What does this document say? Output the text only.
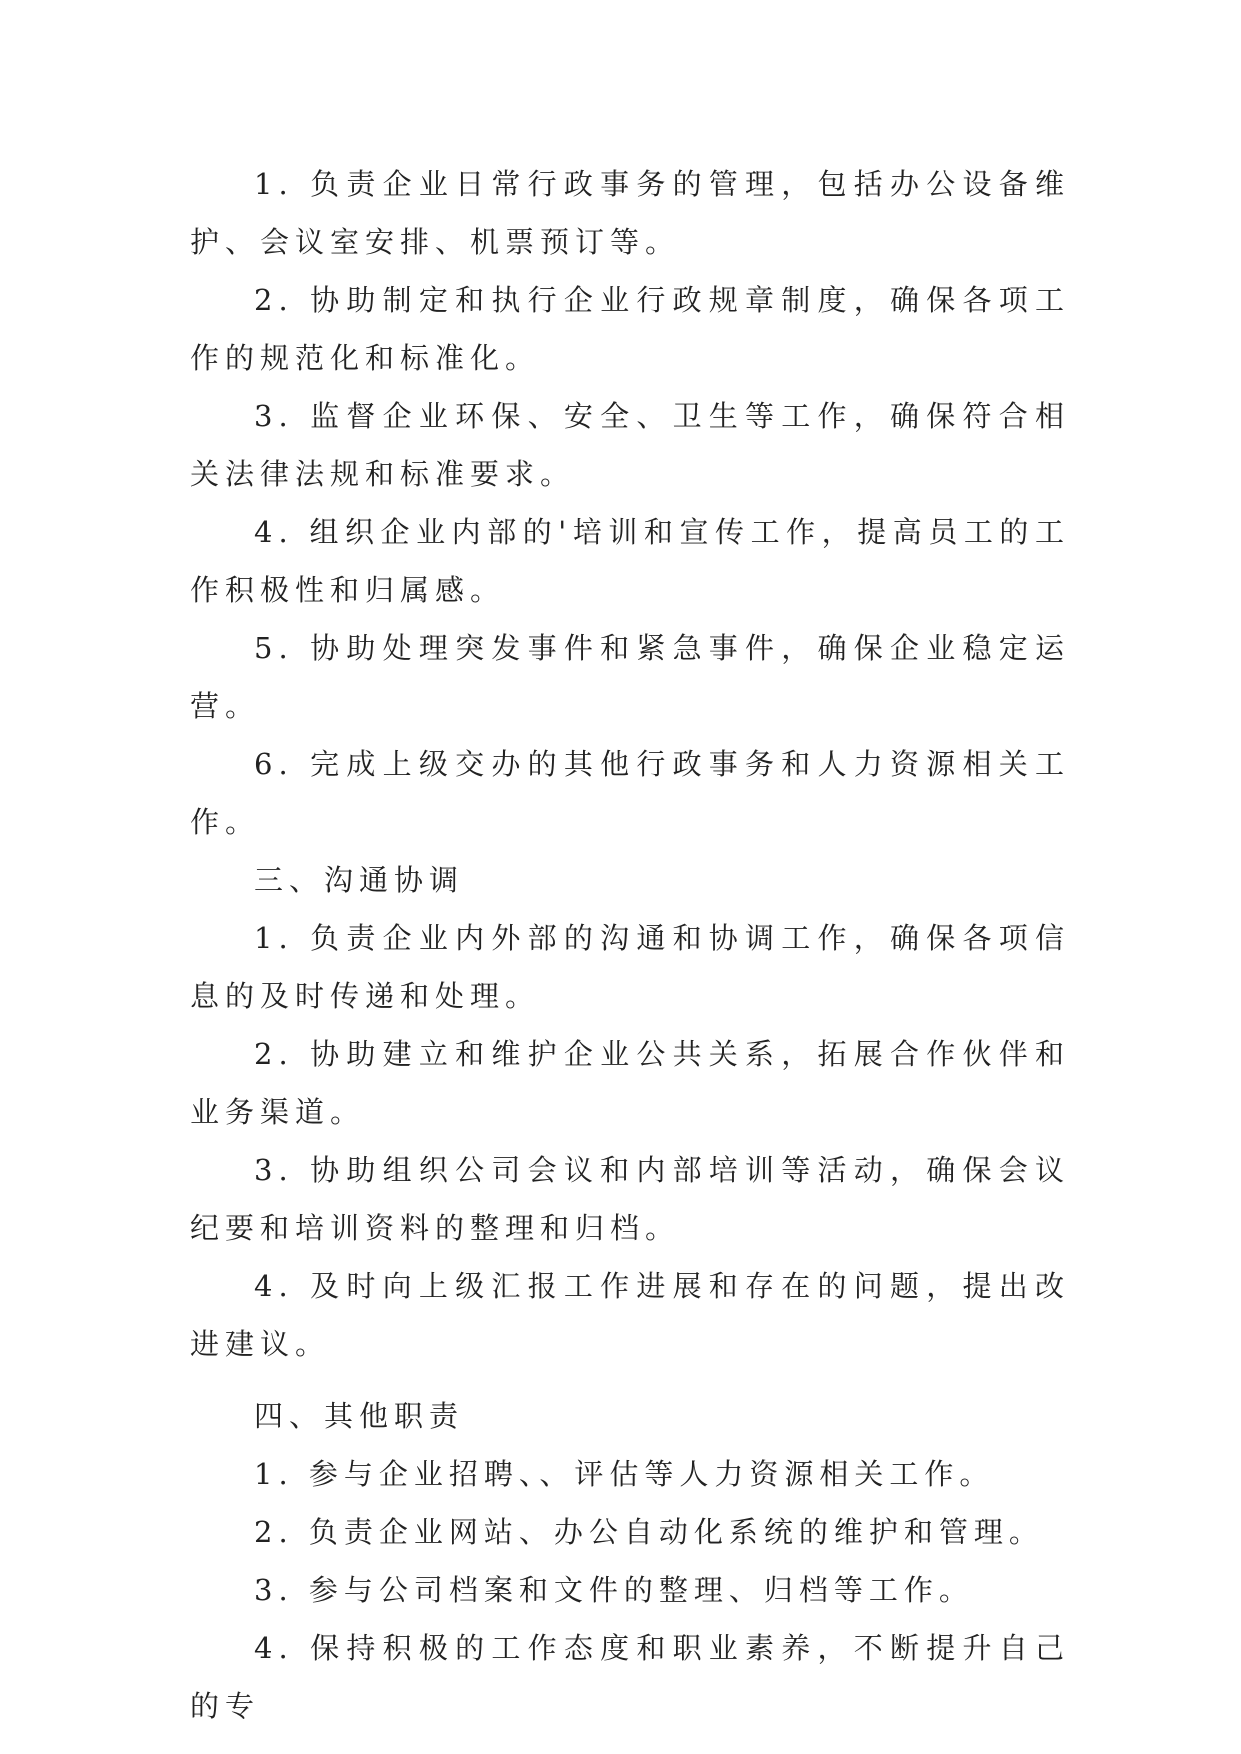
1. 负责企业日常行政事务的管理，包括办公设备维护、会议室安排、机票预订等。

2. 协助制定和执行企业行政规章制度，确保各项工作的规范化和标准化。

3. 监督企业环保、安全、卫生等工作，确保符合相关法律法规和标准要求。

4. 组织企业内部的'培训和宣传工作，提高员工的工作积极性和归属感。

5. 协助处理突发事件和紧急事件，确保企业稳定运营。

6. 完成上级交办的其他行政事务和人力资源相关工作。

三、沟通协调

1. 负责企业内外部的沟通和协调工作，确保各项信息的及时传递和处理。

2. 协助建立和维护企业公共关系，拓展合作伙伴和业务渠道。

3. 协助组织公司会议和内部培训等活动，确保会议纪要和培训资料的整理和归档。

4. 及时向上级汇报工作进展和存在的问题，提出改进建议。

四、其他职责

1. 参与企业招聘、、评估等人力资源相关工作。

2. 负责企业网站、办公自动化系统的维护和管理。

3. 参与公司档案和文件的整理、归档等工作。

4. 保持积极的工作态度和职业素养，不断提升自己的专
